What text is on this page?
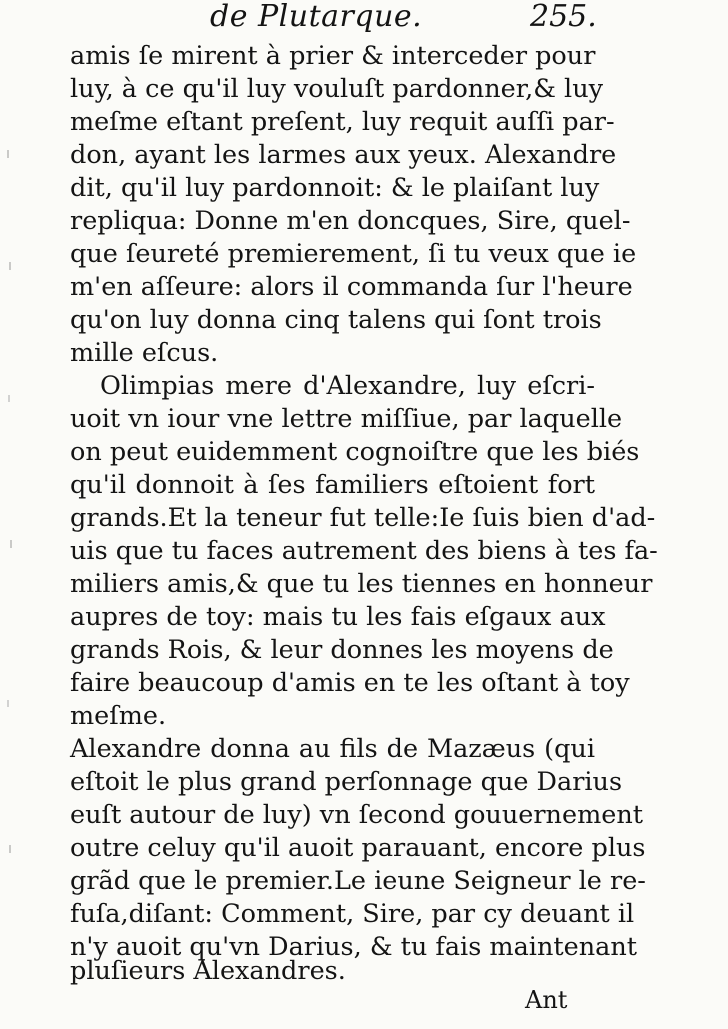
de Plutarque.	255.
amis ſe mirent à prier & interceder pour
luy, à ce qu'il luy vouluſt pardonner,& luy
meſme eſtant preſent, luy requit auſſi par-
don, ayant les larmes aux yeux. Alexandre
dit, qu'il luy pardonnoit: & le plaiſant luy
repliqua: Donne m'en doncques, Sire, quel-
que ſeureté premierement, ſi tu veux que ie
m'en aſſeure: alors il commanda ſur l'heure
qu'on luy donna cinq talens qui ſont trois
mille eſcus.
Olimpias mere d'Alexandre, luy eſcri-
uoit vn iour vne lettre miſſiue, par laquelle
on peut euidemment cognoiſtre que les biés
qu'il donnoit à ſes familiers eſtoient fort
grands.Et la teneur fut telle:Ie ſuis bien d'ad-
uis que tu faces autrement des biens à tes fa-
miliers amis,& que tu les tiennes en honneur
aupres de toy: mais tu les fais eſgaux aux
grands Rois, & leur donnes les moyens de
faire beaucoup d'amis en te les oſtant à toy
meſme.
Alexandre donna au fils de Mazæus (qui
eſtoit le plus grand perſonnage que Darius
euſt autour de luy) vn ſecond gouuernement
outre celuy qu'il auoit parauant, encore plus
grãd que le premier.Le ieune Seigneur le re-
fuſa,diſant: Comment, Sire, par cy deuant il
n'y auoit qu'vn Darius, & tu fais maintenant
pluſieurs Alexandres.
Ant
